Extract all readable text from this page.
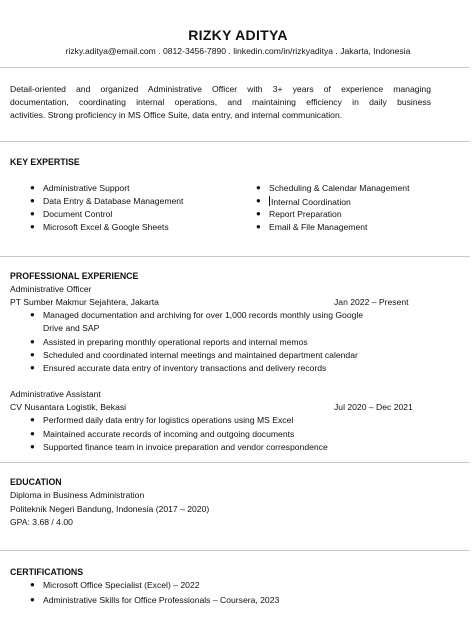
RIZKY ADITYA
rizky.aditya@email.com . 0812-3456-7890 . linkedin.com/in/rizkyaditya . Jakarta, Indonesia
Detail-oriented and organized Administrative Officer with 3+ years of experience managing
documentation, coordinating internal operations, and maintaining efficiency in daily business
activities. Strong proficiency in MS Office Suite, data entry, and internal communication.
KEY EXPERTISE
● Administrative Support
● Data Entry & Database Management
● Document Control
● Microsoft Excel & Google Sheets
● Scheduling & Calendar Management
● Internal Coordination
● Report Preparation
● Email & File Management
PROFESSIONAL EXPERIENCE
Administrative Officer
PT Sumber Makmur Sejahtera, Jakarta	Jan 2022 – Present
● Managed documentation and archiving for over 1,000 records monthly using Google
Drive and SAP
● Assisted in preparing monthly operational reports and internal memos
● Scheduled and coordinated internal meetings and maintained department calendar
● Ensured accurate data entry of inventory transactions and delivery records
Administrative Assistant
CV Nusantara Logistik, Bekasi	Jul 2020 – Dec 2021
● Performed daily data entry for logistics operations using MS Excel
● Maintained accurate records of incoming and outgoing documents
● Supported finance team in invoice preparation and vendor correspondence
EDUCATION
Diploma in Business Administration
Politeknik Negeri Bandung, Indonesia (2017 – 2020)
GPA: 3.68 / 4.00
CERTIFICATIONS
● Microsoft Office Specialist (Excel) – 2022
● Administrative Skills for Office Professionals – Coursera, 2023
